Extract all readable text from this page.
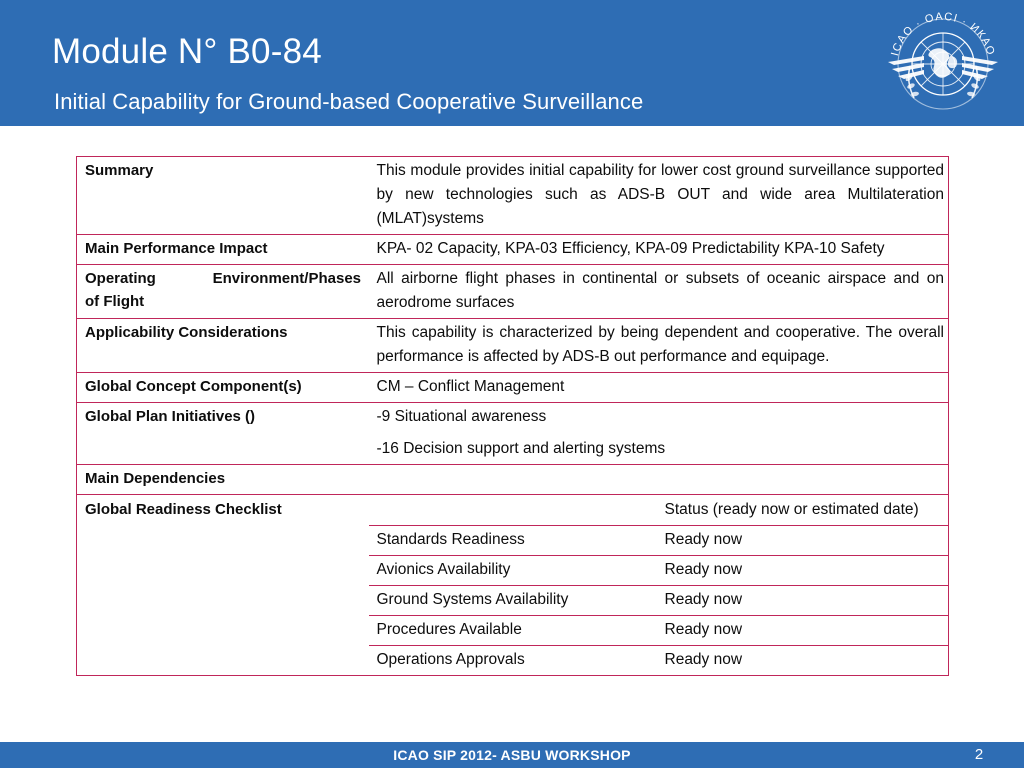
Module N° B0-84
Initial Capability for Ground-based Cooperative Surveillance
ICAO · OACI · ИКАО
Summary	This module provides initial capability for lower cost ground surveillance supported by new technologies such as ADS-B OUT and wide area Multilateration (MLAT)systems	
Main Performance Impact	KPA- 02 Capacity, KPA-03 Efficiency, KPA-09 Predictability KPA-10 Safety	

Operating Environment/Phases
of Flight	All airborne flight phases in continental or subsets of oceanic airspace and on aerodrome surfaces	
Applicability Considerations	This capability is characterized by being dependent and cooperative. The overall performance is affected by ADS-B out performance and equipage.	
Global Concept Component(s)	CM – Conflict Management	
Global Plan Initiatives ()	-9 Situational awareness
-16 Decision support and alerting systems	

Main Dependencies		
Global Readiness Checklist		Status (ready now or estimated date)
	Standards Readiness	Ready now
	Avionics Availability	Ready now
	Ground Systems Availability	Ready now
	Procedures Available	Ready now
	Operations Approvals	Ready now
ICAO SIP 2012- ASBU WORKSHOP	2
